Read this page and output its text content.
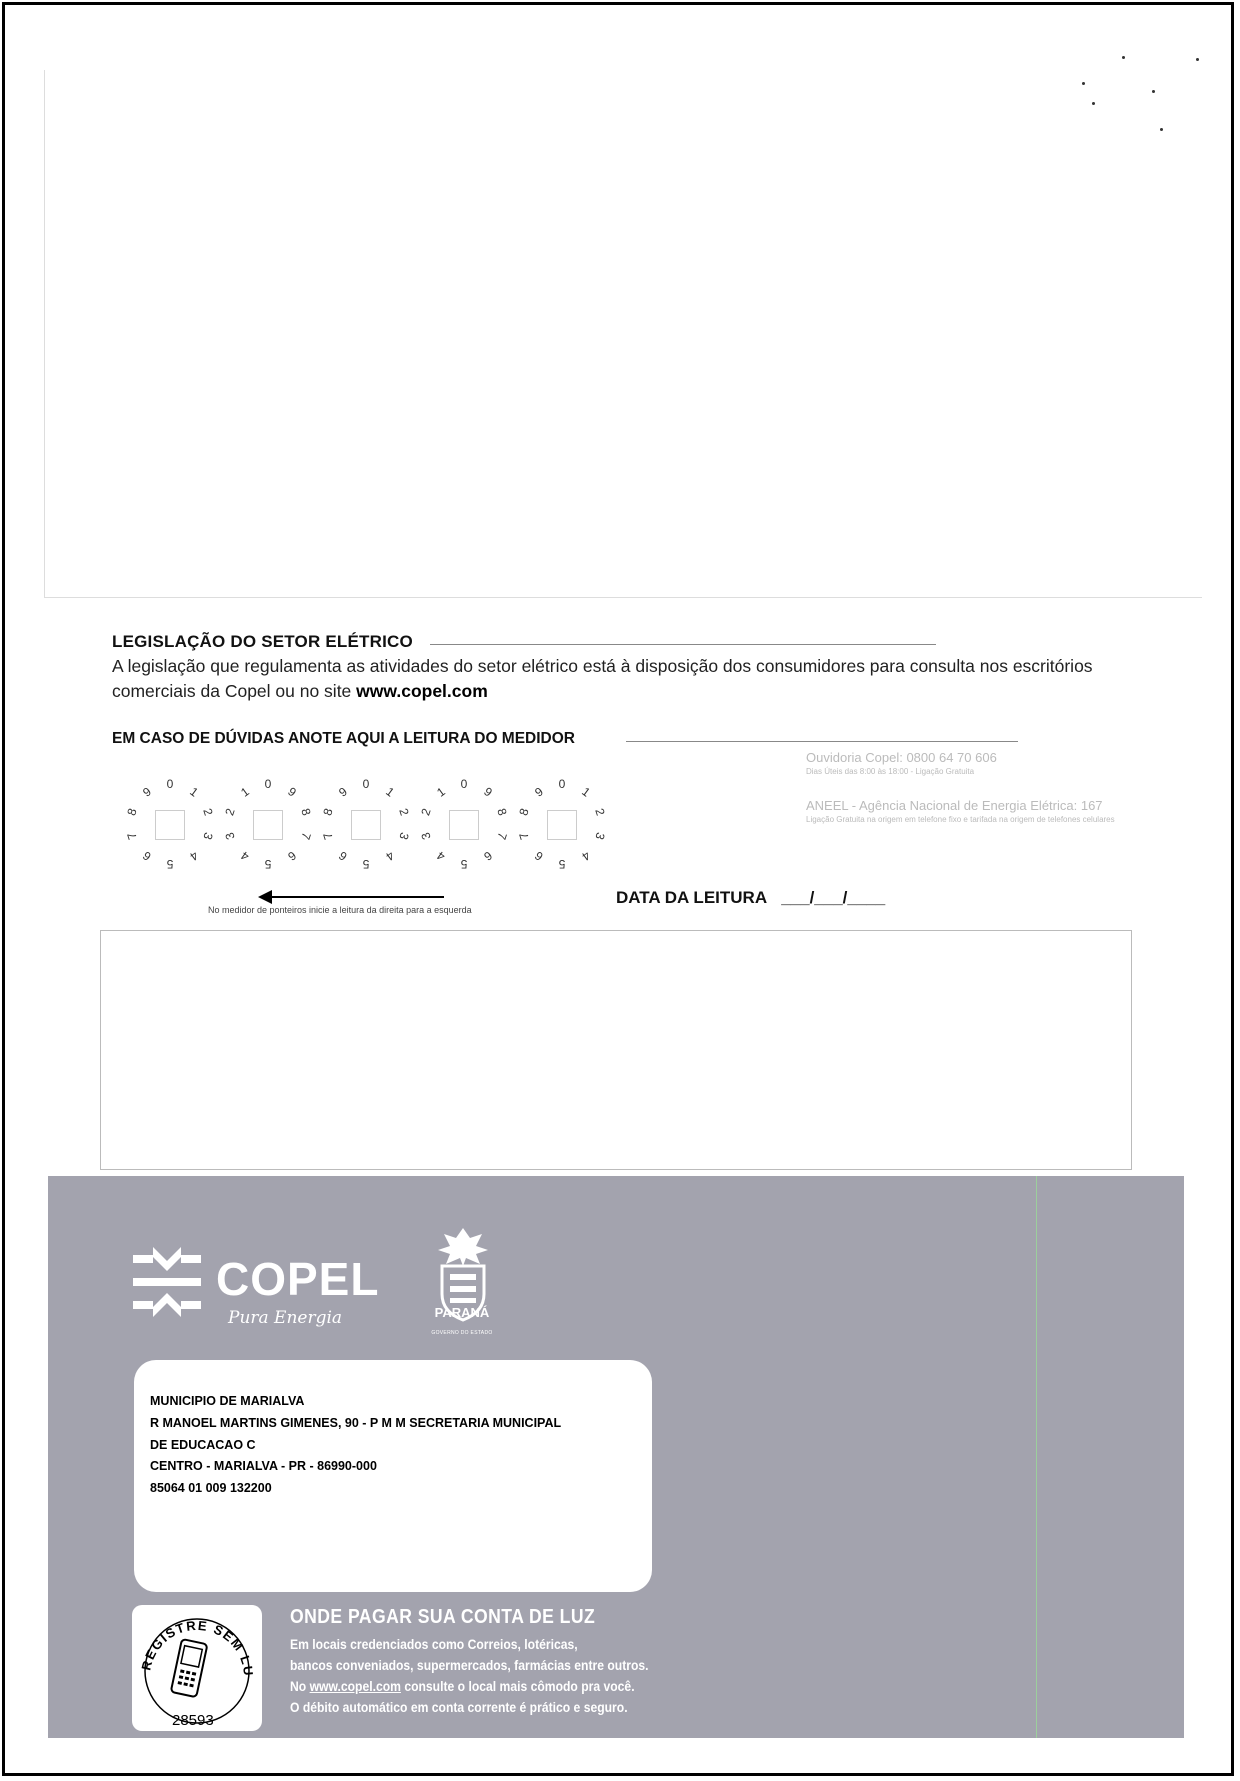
LEGISLAÇÃO DO SETOR ELÉTRICO
A legislação que regulamenta as atividades do setor elétrico está à disposição dos consumidores para consulta nos escritórios comerciais da Copel ou no site www.copel.com
EM CASO DE DÚVIDAS ANOTE AQUI A LEITURA DO MEDIDOR
0 1
2
3
4
5
6
7
8
9	0
1
2
3
4 5 6
7
8
9	0 1
2
3
4
5
6
7
8
9	0
1
2
3
4 5 6
7
8
9	0 1
2
3
4
5
6
7
8
9
No medidor de ponteiros inicie a leitura da direita para a esquerda
DATA DA LEITURA ___/___/____
Ouvidoria Copel: 0800 64 70 606
Dias Úteis das 8:00 às 18:00 - Ligação Gratuita
ANEEL - Agência Nacional de Energia Elétrica: 167
Ligação Gratuita na origem em telefone fixo e tarifada na origem de telefones celulares
COPEL
Pura Energia	PARANÁ
GOVERNO DO ESTADO
MUNICIPIO DE MARIALVA
R MANOEL MARTINS GIMENES, 90 - P M M SECRETARIA MUNICIPAL
DE EDUCACAO C
CENTRO - MARIALVA - PR - 86990-000
85064 01 009 132200
REGISTRE SEM LU
28593
ONDE PAGAR SUA CONTA DE LUZ
Em locais credenciados como Correios, lotéricas,
bancos conveniados, supermercados, farmácias entre outros.
No www.copel.com consulte o local mais cômodo pra você.
O débito automático em conta corrente é prático e seguro.
